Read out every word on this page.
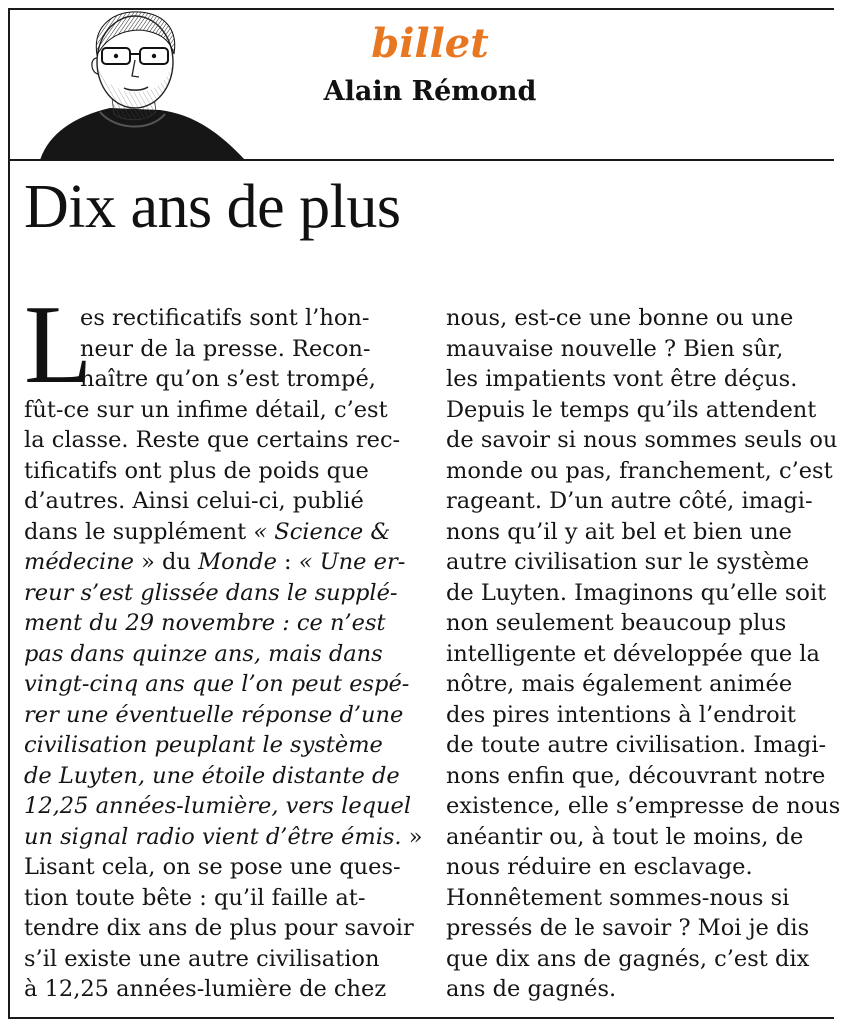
billet
Alain Rémond
Dix ans de plus
L
es rectificatifs sont l’hon-
neur de la presse. Recon-
naître qu’on s’est trompé,
fût-ce sur un infime détail, c’est
la classe. Reste que certains rec-
tificatifs ont plus de poids que
d’autres. Ainsi celui-ci, publié
dans le supplément « Science &
médecine » du Monde : « Une er-
reur s’est glissée dans le supplé-
ment du 29 novembre : ce n’est
pas dans quinze ans, mais dans
vingt-cinq ans que l’on peut espé-
rer une éventuelle réponse d’une
civilisation peuplant le système
de Luyten, une étoile distante de
12,25 années-lumière, vers lequel
un signal radio vient d’être émis. »
Lisant cela, on se pose une ques-
tion toute bête : qu’il faille at-
tendre dix ans de plus pour savoir
s’il existe une autre civilisation
à 12,25 années-lumière de chez
nous, est-ce une bonne ou une
mauvaise nouvelle ? Bien sûr,
les impatients vont être déçus.
Depuis le temps qu’ils attendent
de savoir si nous sommes seuls ou
monde ou pas, franchement, c’est
rageant. D’un autre côté, imagi-
nons qu’il y ait bel et bien une
autre civilisation sur le système
de Luyten. Imaginons qu’elle soit
non seulement beaucoup plus
intelligente et développée que la
nôtre, mais également animée
des pires intentions à l’endroit
de toute autre civilisation. Imagi-
nons enfin que, découvrant notre
existence, elle s’empresse de nous
anéantir ou, à tout le moins, de
nous réduire en esclavage.
Honnêtement sommes-nous si
pressés de le savoir ? Moi je dis
que dix ans de gagnés, c’est dix
ans de gagnés.
